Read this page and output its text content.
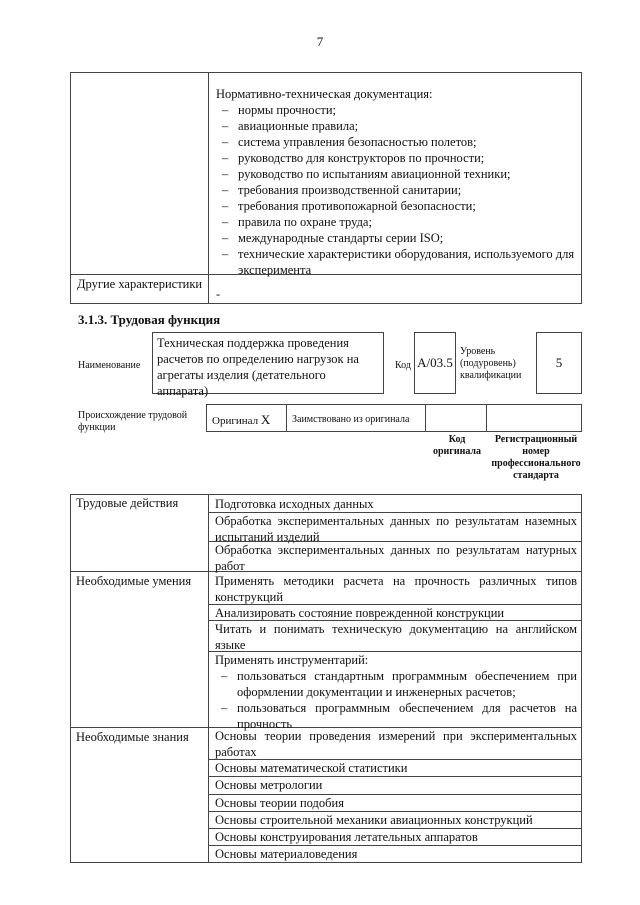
7
Нормативно-техническая документация:
– нормы прочности;
– авиационные правила;
– система управления безопасностью полетов;
– руководство для конструкторов по прочности;
– руководство по испытаниям авиационной техники;
– требования производственной санитарии;
– требования противопожарной безопасности;
– правила по охране труда;
– международные стандарты серии ISO;
– технические характеристики оборудования, используемого для эксперимента
Другие характеристики
-
3.1.3. Трудовая функция
Наименование
Техническая поддержка проведения расчетов по определению нагрузок на агрегаты изделия (детательного аппарата)
Код A/03.5
Уровень (подуровень) квалификации
5
Происхождение трудовой функции
Оригинал X Заимствовано из оригинала
Код оригинала
Регистрационный номер профессионального стандарта
Трудовые действия
Необходимые умения
Необходимые знания
Подготовка исходных данных
Обработка экспериментальных данных по результатам наземных испытаний изделий
Обработка экспериментальных данных по результатам натурных работ
Применять методики расчета на прочность различных типов конструкций
Анализировать состояние поврежденной конструкции
Читать и понимать техническую документацию на английском языке
Применять инструментарий:
– пользоваться стандартным программным обеспечением при оформлении документации и инженерных расчетов;
– пользоваться программным обеспечением для расчетов на прочность
Основы теории проведения измерений при экспериментальных работах
Основы математической статистики
Основы метрологии
Основы теории подобия
Основы строительной механики авиационных конструкций
Основы конструирования летательных аппаратов
Основы материаловедения
